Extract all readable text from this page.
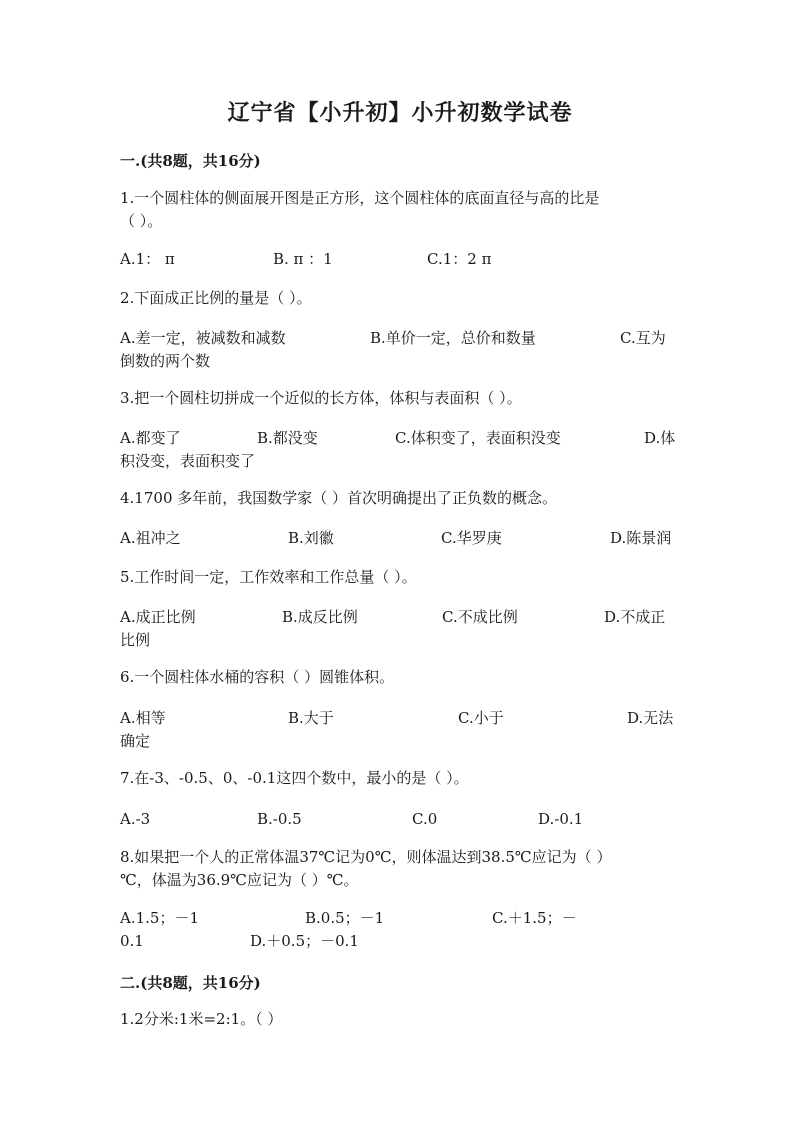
辽宁省【小升初】小升初数学试卷
一.(共8题，共16分)
1.一个圆柱体的侧面展开图是正方形，这个圆柱体的底面直径与高的比是
（ ）。
A.1： π	B. π ：1	C.1：2 π
2.下面成正比例的量是（ ）。
A.差一定，被减数和减数	B.单价一定，总价和数量	C.互为
倒数的两个数
3.把一个圆柱切拼成一个近似的长方体，体积与表面积（ ）。
A.都变了	B.都没变	C.体积变了，表面积没变	D.体
积没变，表面积变了
4.1700 多年前，我国数学家（ ）首次明确提出了正负数的概念。
A.祖冲之	B.刘徽	C.华罗庚	D.陈景润
5.工作时间一定，工作效率和工作总量（ ）。
A.成正比例	B.成反比例	C.不成比例	D.不成正
比例
6.一个圆柱体水桶的容积（ ）圆锥体积。
A.相等	B.大于	C.小于	D.无法
确定
7.在-3、-0.5、0、-0.1这四个数中，最小的是（ ）。
A.-3	B.-0.5	C.0	D.-0.1
8.如果把一个人的正常体温37℃记为0℃，则体温达到38.5℃应记为（ ）
℃，体温为36.9℃应记为（ ）℃。
A.1.5；－1	B.0.5；－1	C.＋1.5；－
0.1	D.＋0.5；－0.1
二.(共8题，共16分)
1.2分米:1米=2:1。（ ）
